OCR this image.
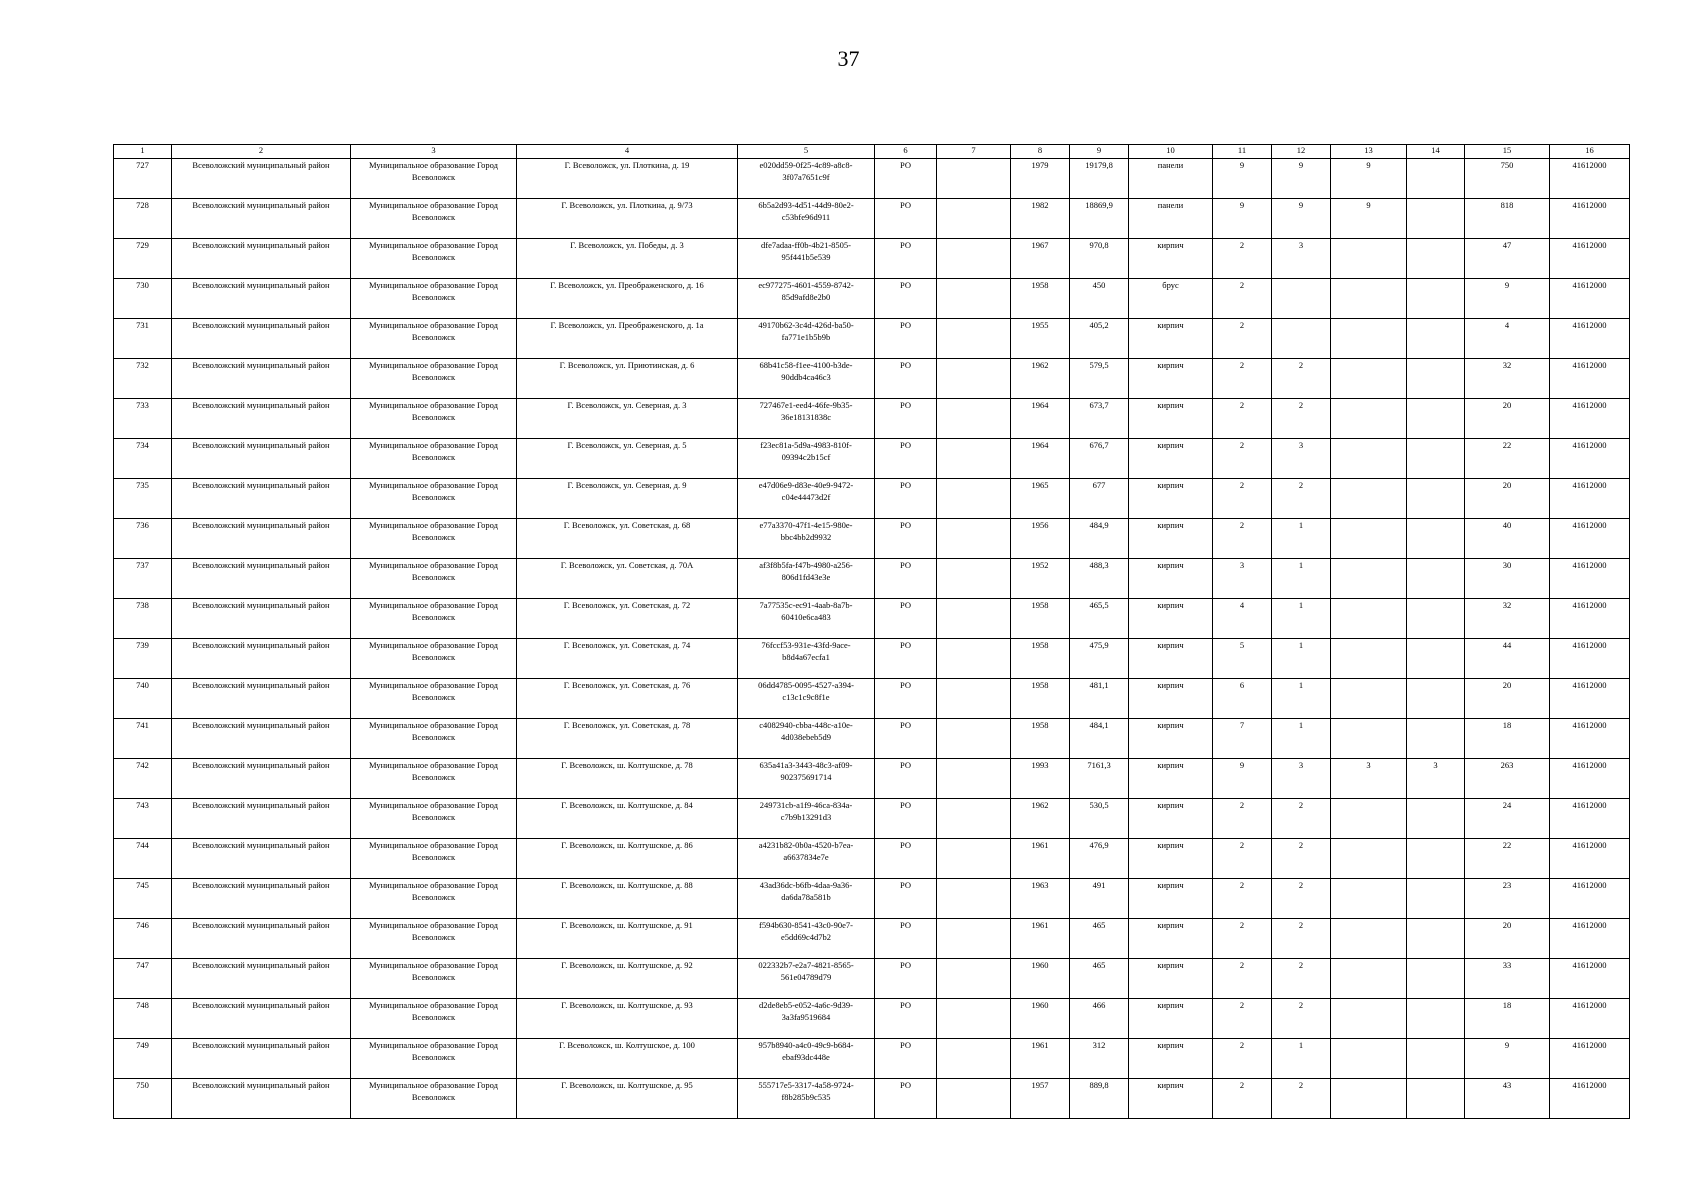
37
1	2	3	4	5	6	7	8	9	10	11	12	13	14	15	16
727	Всеволожский муниципальный район	Муниципальное образование Город Всеволожск	Г. Всеволожск, ул. Плоткина, д. 19	e020dd59-0f25-4c89-a8c8-3f07a7651c9f	РО		1979	19179,8	панели	9	9	9		750	41612000
728	Всеволожский муниципальный район	Муниципальное образование Город Всеволожск	Г. Всеволожск, ул. Плоткина, д. 9/73	6b5a2d93-4d51-44d9-80e2-c53bfe96d911	РО		1982	18869,9	панели	9	9	9		818	41612000
729	Всеволожский муниципальный район	Муниципальное образование Город Всеволожск	Г. Всеволожск, ул. Победы, д. 3	dfe7adaa-ff0b-4b21-8505-95f441b5e539	РО		1967	970,8	кирпич	2	3			47	41612000
730	Всеволожский муниципальный район	Муниципальное образование Город Всеволожск	Г. Всеволожск, ул. Преображенского, д. 16	ec977275-4601-4559-8742-85d9afd8e2b0	РО		1958	450	брус	2				9	41612000
731	Всеволожский муниципальный район	Муниципальное образование Город Всеволожск	Г. Всеволожск, ул. Преображенского, д. 1а	49170b62-3c4d-426d-ba50-fa771e1b5b9b	РО		1955	405,2	кирпич	2				4	41612000
732	Всеволожский муниципальный район	Муниципальное образование Город Всеволожск	Г. Всеволожск, ул. Приютинская, д. 6	68b41c58-f1ee-4100-b3de-90ddb4ca46c3	РО		1962	579,5	кирпич	2	2			32	41612000
733	Всеволожский муниципальный район	Муниципальное образование Город Всеволожск	Г. Всеволожск, ул. Северная, д. 3	727467e1-eed4-46fe-9b35-36e18131838c	РО		1964	673,7	кирпич	2	2			20	41612000
734	Всеволожский муниципальный район	Муниципальное образование Город Всеволожск	Г. Всеволожск, ул. Северная, д. 5	f23ec81a-5d9a-4983-810f-09394c2b15cf	РО		1964	676,7	кирпич	2	3			22	41612000
735	Всеволожский муниципальный район	Муниципальное образование Город Всеволожск	Г. Всеволожск, ул. Северная, д. 9	e47d06e9-d83e-40e9-9472-c04e44473d2f	РО		1965	677	кирпич	2	2			20	41612000
736	Всеволожский муниципальный район	Муниципальное образование Город Всеволожск	Г. Всеволожск, ул. Советская, д. 68	e77a3370-47f1-4e15-980e-bbc4bb2d9932	РО		1956	484,9	кирпич	2	1			40	41612000
737	Всеволожский муниципальный район	Муниципальное образование Город Всеволожск	Г. Всеволожск, ул. Советская, д. 70А	af3f8b5fa-f47b-4980-a256-806d1fd43e3e	РО		1952	488,3	кирпич	3	1			30	41612000
738	Всеволожский муниципальный район	Муниципальное образование Город Всеволожск	Г. Всеволожск, ул. Советская, д. 72	7a77535c-ec91-4aab-8a7b-60410e6ca483	РО		1958	465,5	кирпич	4	1			32	41612000
739	Всеволожский муниципальный район	Муниципальное образование Город Всеволожск	Г. Всеволожск, ул. Советская, д. 74	76fccf53-931e-43fd-9ace-b8d4a67ecfa1	РО		1958	475,9	кирпич	5	1			44	41612000
740	Всеволожский муниципальный район	Муниципальное образование Город Всеволожск	Г. Всеволожск, ул. Советская, д. 76	06dd4785-0095-4527-a394-c13c1c9c8f1e	РО		1958	481,1	кирпич	6	1			20	41612000
741	Всеволожский муниципальный район	Муниципальное образование Город Всеволожск	Г. Всеволожск, ул. Советская, д. 78	c4082940-cbba-448c-a10e-4d038ebeb5d9	РО		1958	484,1	кирпич	7	1			18	41612000
742	Всеволожский муниципальный район	Муниципальное образование Город Всеволожск	Г. Всеволожск, ш. Колтушское, д. 78	635a41a3-3443-48c3-af09-902375691714	РО		1993	7161,3	кирпич	9	3	3	3	263	41612000
743	Всеволожский муниципальный район	Муниципальное образование Город Всеволожск	Г. Всеволожск, ш. Колтушское, д. 84	249731cb-a1f9-46ca-834a-c7b9b13291d3	РО		1962	530,5	кирпич	2	2			24	41612000
744	Всеволожский муниципальный район	Муниципальное образование Город Всеволожск	Г. Всеволожск, ш. Колтушское, д. 86	a4231b82-0b0a-4520-b7ea-a6637834e7e	РО		1961	476,9	кирпич	2	2			22	41612000
745	Всеволожский муниципальный район	Муниципальное образование Город Всеволожск	Г. Всеволожск, ш. Колтушское, д. 88	43ad36dc-b6fb-4daa-9a36-da6da78a581b	РО		1963	491	кирпич	2	2			23	41612000
746	Всеволожский муниципальный район	Муниципальное образование Город Всеволожск	Г. Всеволожск, ш. Колтушское, д. 91	f594b630-8541-43c0-90e7-e5dd69c4d7b2	РО		1961	465	кирпич	2	2			20	41612000
747	Всеволожский муниципальный район	Муниципальное образование Город Всеволожск	Г. Всеволожск, ш. Колтушское, д. 92	022332b7-e2a7-4821-8565-561e04789d79	РО		1960	465	кирпич	2	2			33	41612000
748	Всеволожский муниципальный район	Муниципальное образование Город Всеволожск	Г. Всеволожск, ш. Колтушское, д. 93	d2de8eb5-e052-4a6c-9d39-3a3fa9519684	РО		1960	466	кирпич	2	2			18	41612000
749	Всеволожский муниципальный район	Муниципальное образование Город Всеволожск	Г. Всеволожск, ш. Колтушское, д. 100	957b8940-a4c0-49c9-b684-ebaf93dc448e	РО		1961	312	кирпич	2	1			9	41612000
750	Всеволожский муниципальный район	Муниципальное образование Город Всеволожск	Г. Всеволожск, ш. Колтушское, д. 95	555717e5-3317-4a58-9724-f8b285b9c535	РО		1957	889,8	кирпич	2	2			43	41612000
